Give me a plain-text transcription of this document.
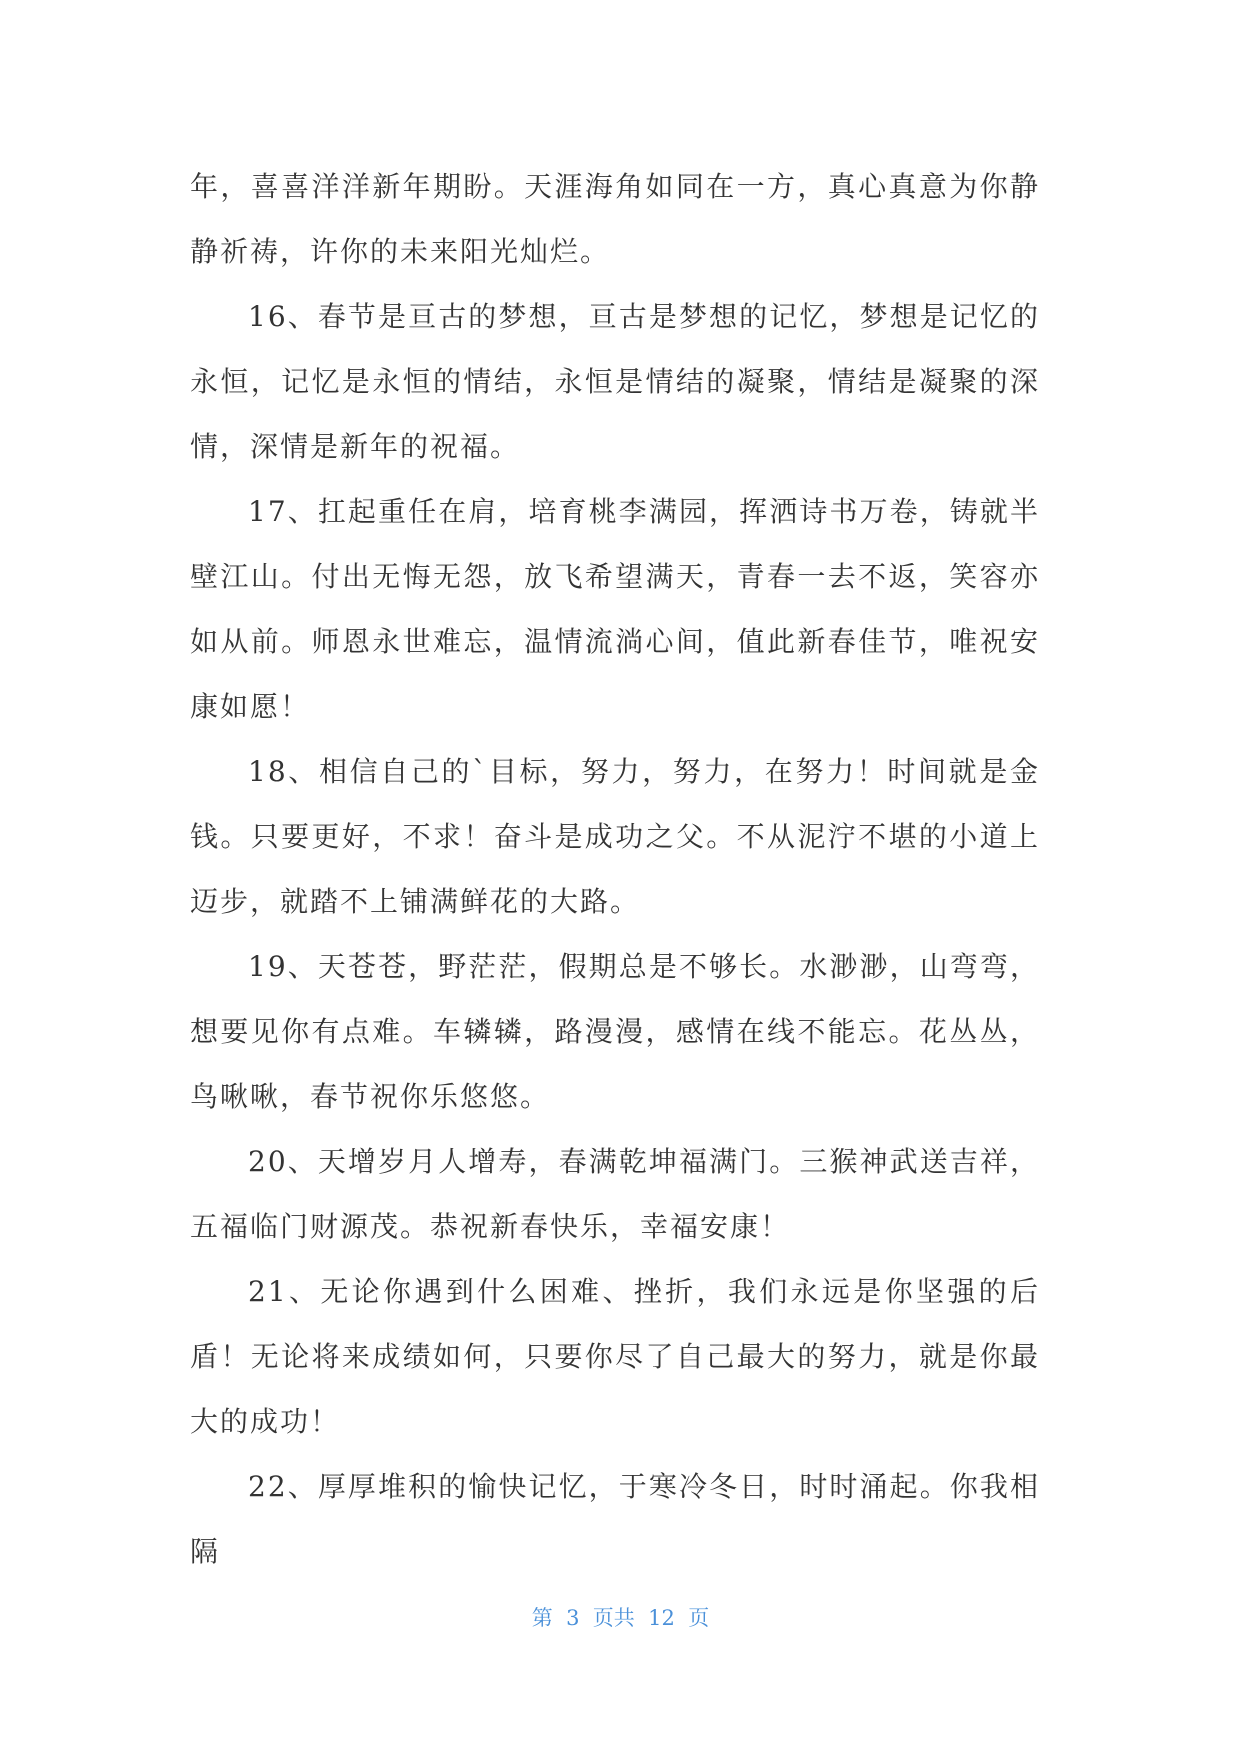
年，喜喜洋洋新年期盼。天涯海角如同在一方，真心真意为你静静祈祷，许你的未来阳光灿烂。

16、春节是亘古的梦想，亘古是梦想的记忆，梦想是记忆的永恒，记忆是永恒的情结，永恒是情结的凝聚，情结是凝聚的深情，深情是新年的祝福。

17、扛起重任在肩，培育桃李满园，挥洒诗书万卷，铸就半壁江山。付出无悔无怨，放飞希望满天，青春一去不返，笑容亦如从前。师恩永世难忘，温情流淌心间，值此新春佳节，唯祝安康如愿！

18、相信自己的`目标，努力，努力，在努力！时间就是金钱。只要更好，不求！奋斗是成功之父。不从泥泞不堪的小道上迈步，就踏不上铺满鲜花的大路。

19、天苍苍，野茫茫，假期总是不够长。水渺渺，山弯弯，想要见你有点难。车辚辚，路漫漫，感情在线不能忘。花丛丛，鸟啾啾，春节祝你乐悠悠。

20、天增岁月人增寿，春满乾坤福满门。三猴神武送吉祥，五福临门财源茂。恭祝新春快乐，幸福安康！

21、无论你遇到什么困难、挫折，我们永远是你坚强的后盾！无论将来成绩如何，只要你尽了自己最大的努力，就是你最大的成功！

22、厚厚堆积的愉快记忆，于寒冷冬日，时时涌起。你我相隔

第  3  页共  12  页
